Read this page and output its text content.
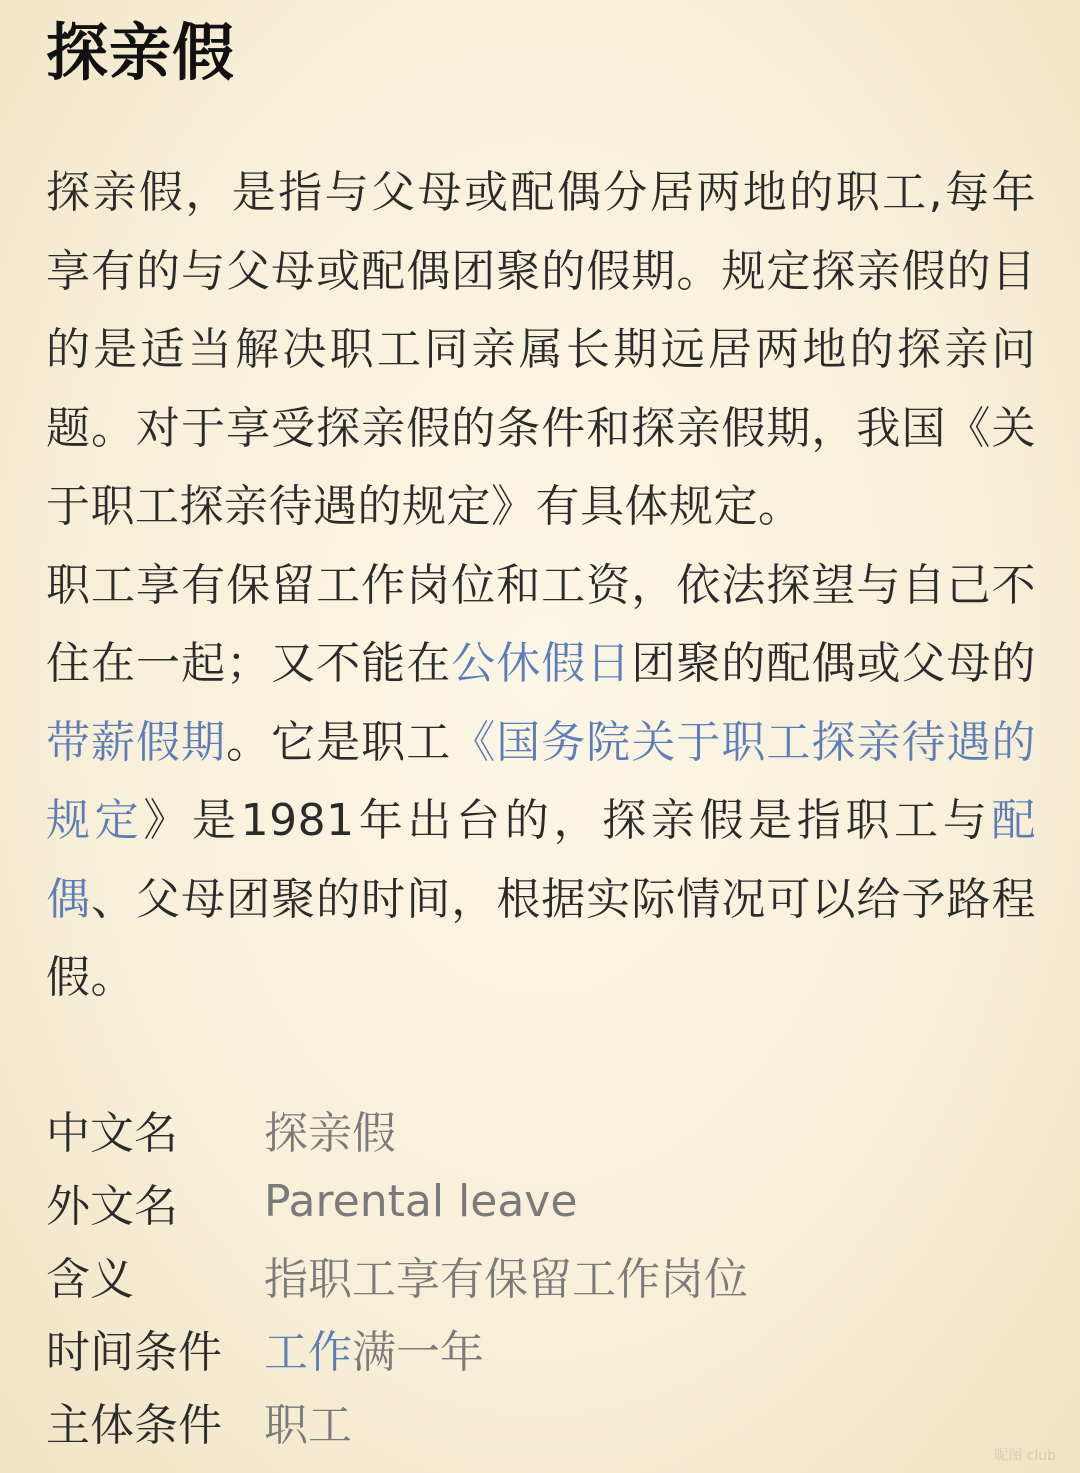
探亲假

探亲假，是指与父母或配偶分居两地的职工,每年享有的与父母或配偶团聚的假期。规定探亲假的目的是适当解决职工同亲属长期远居两地的探亲问题。对于享受探亲假的条件和探亲假期，我国《关于职工探亲待遇的规定》有具体规定。

职工享有保留工作岗位和工资，依法探望与自己不住在一起；又不能在公休假日团聚的配偶或父母的带薪假期。它是职工《国务院关于职工探亲待遇的规定》是1981年出台的，探亲假是指职工与配偶、父母团聚的时间，根据实际情况可以给予路程假。

中文名	探亲假
外文名	Parental leave
含义	指职工享有保留工作岗位
时间条件 工作满一年
主体条件 职工
昵图 club
